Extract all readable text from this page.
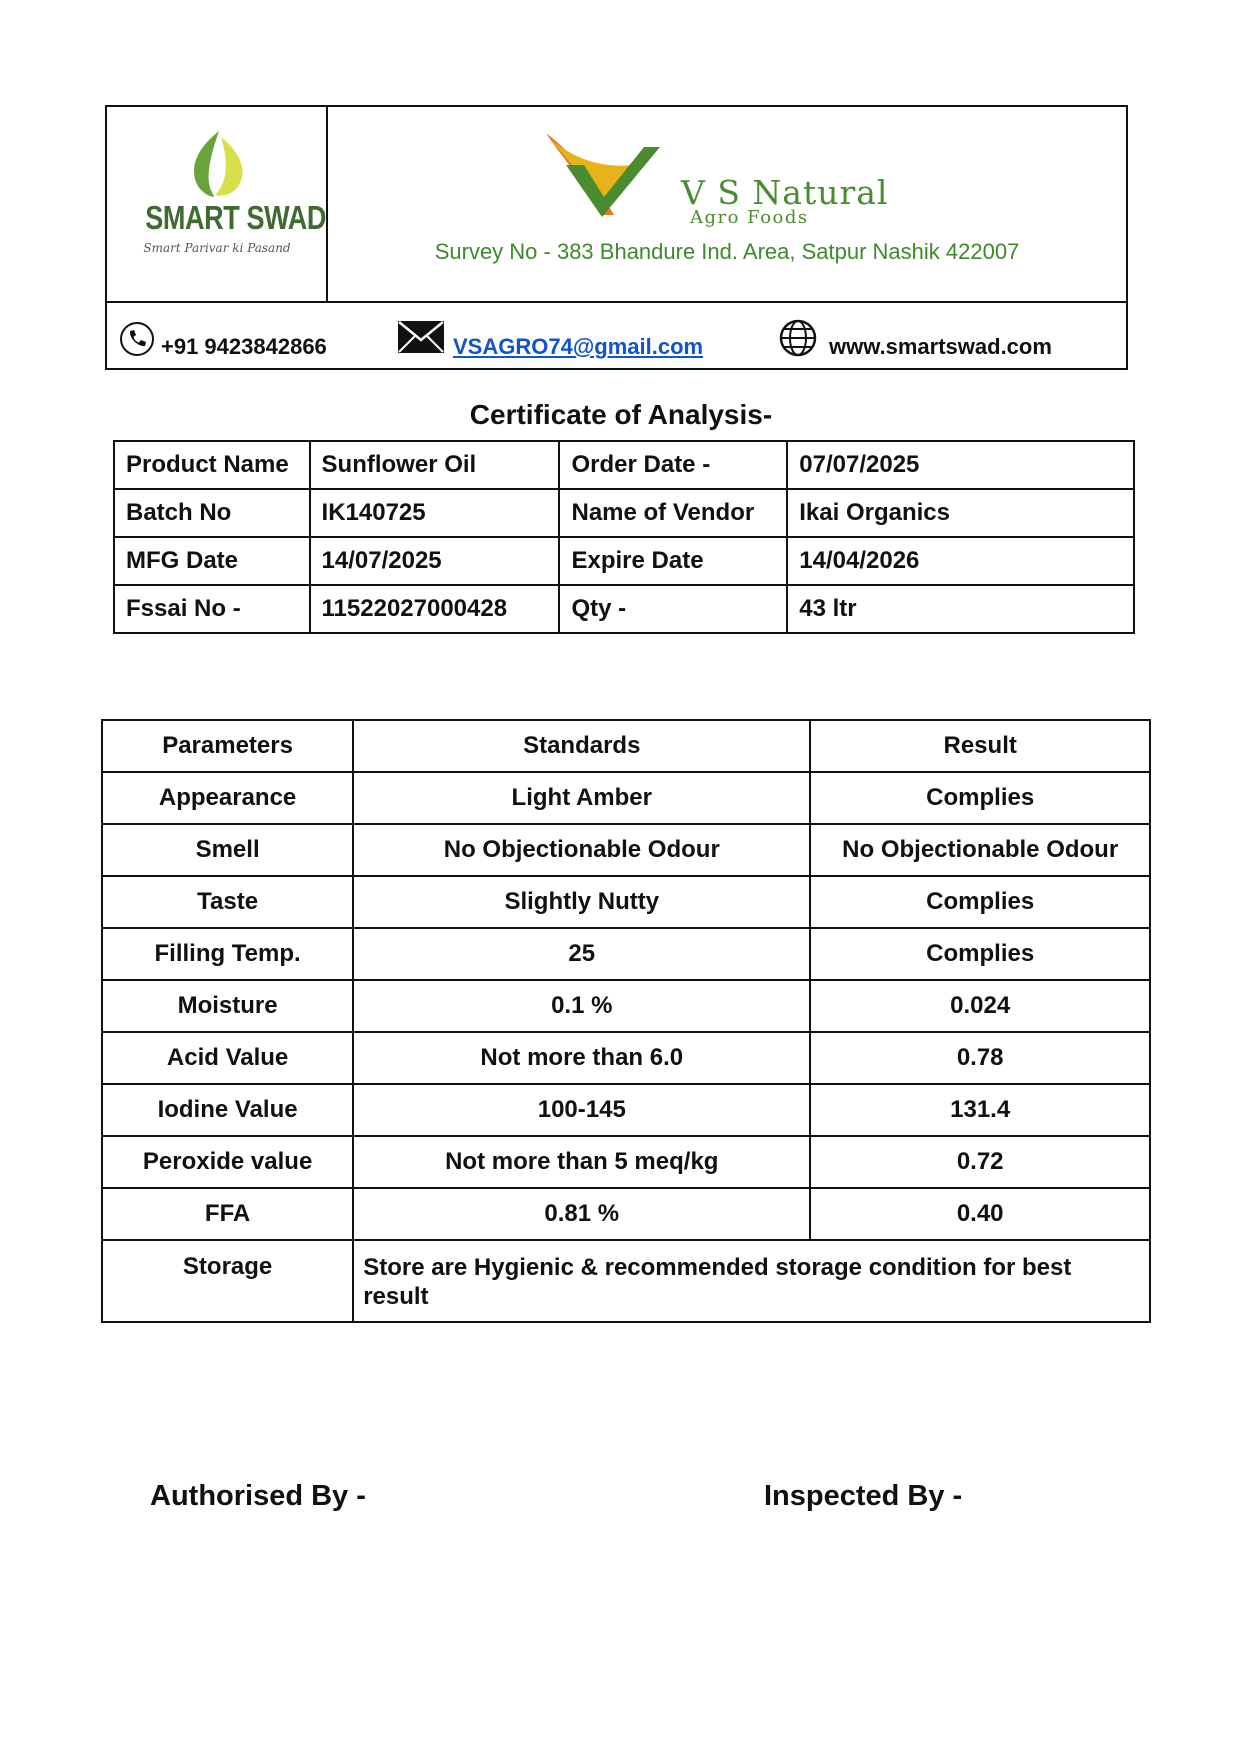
SMART SWAD
Smart Parivar ki Pasand
V S Natural
Agro Foods
Survey No - 383 Bhandure Ind. Area, Satpur Nashik 422007
+91 9423842866	VSAGRO74@gmail.com	www.smartswad.com
Certificate of Analysis-
Product Name	Sunflower Oil	Order Date -	07/07/2025
Batch No	IK140725	Name of Vendor	Ikai Organics
MFG Date	14/07/2025	Expire Date	14/04/2026
Fssai No -	11522027000428	Qty -	43 ltr
Parameters	Standards	Result
Appearance	Light Amber	Complies
Smell	No Objectionable Odour	No Objectionable Odour
Taste	Slightly Nutty	Complies
Filling Temp.	25	Complies
Moisture	0.1 %	0.024
Acid Value	Not more than 6.0	0.78
Iodine Value	100-145	131.4
Peroxide value	Not more than 5 meq/kg	0.72
FFA	0.81 %	0.40
Storage	Store are Hygienic & recommended storage condition for best result	
Authorised By -	Inspected By -
